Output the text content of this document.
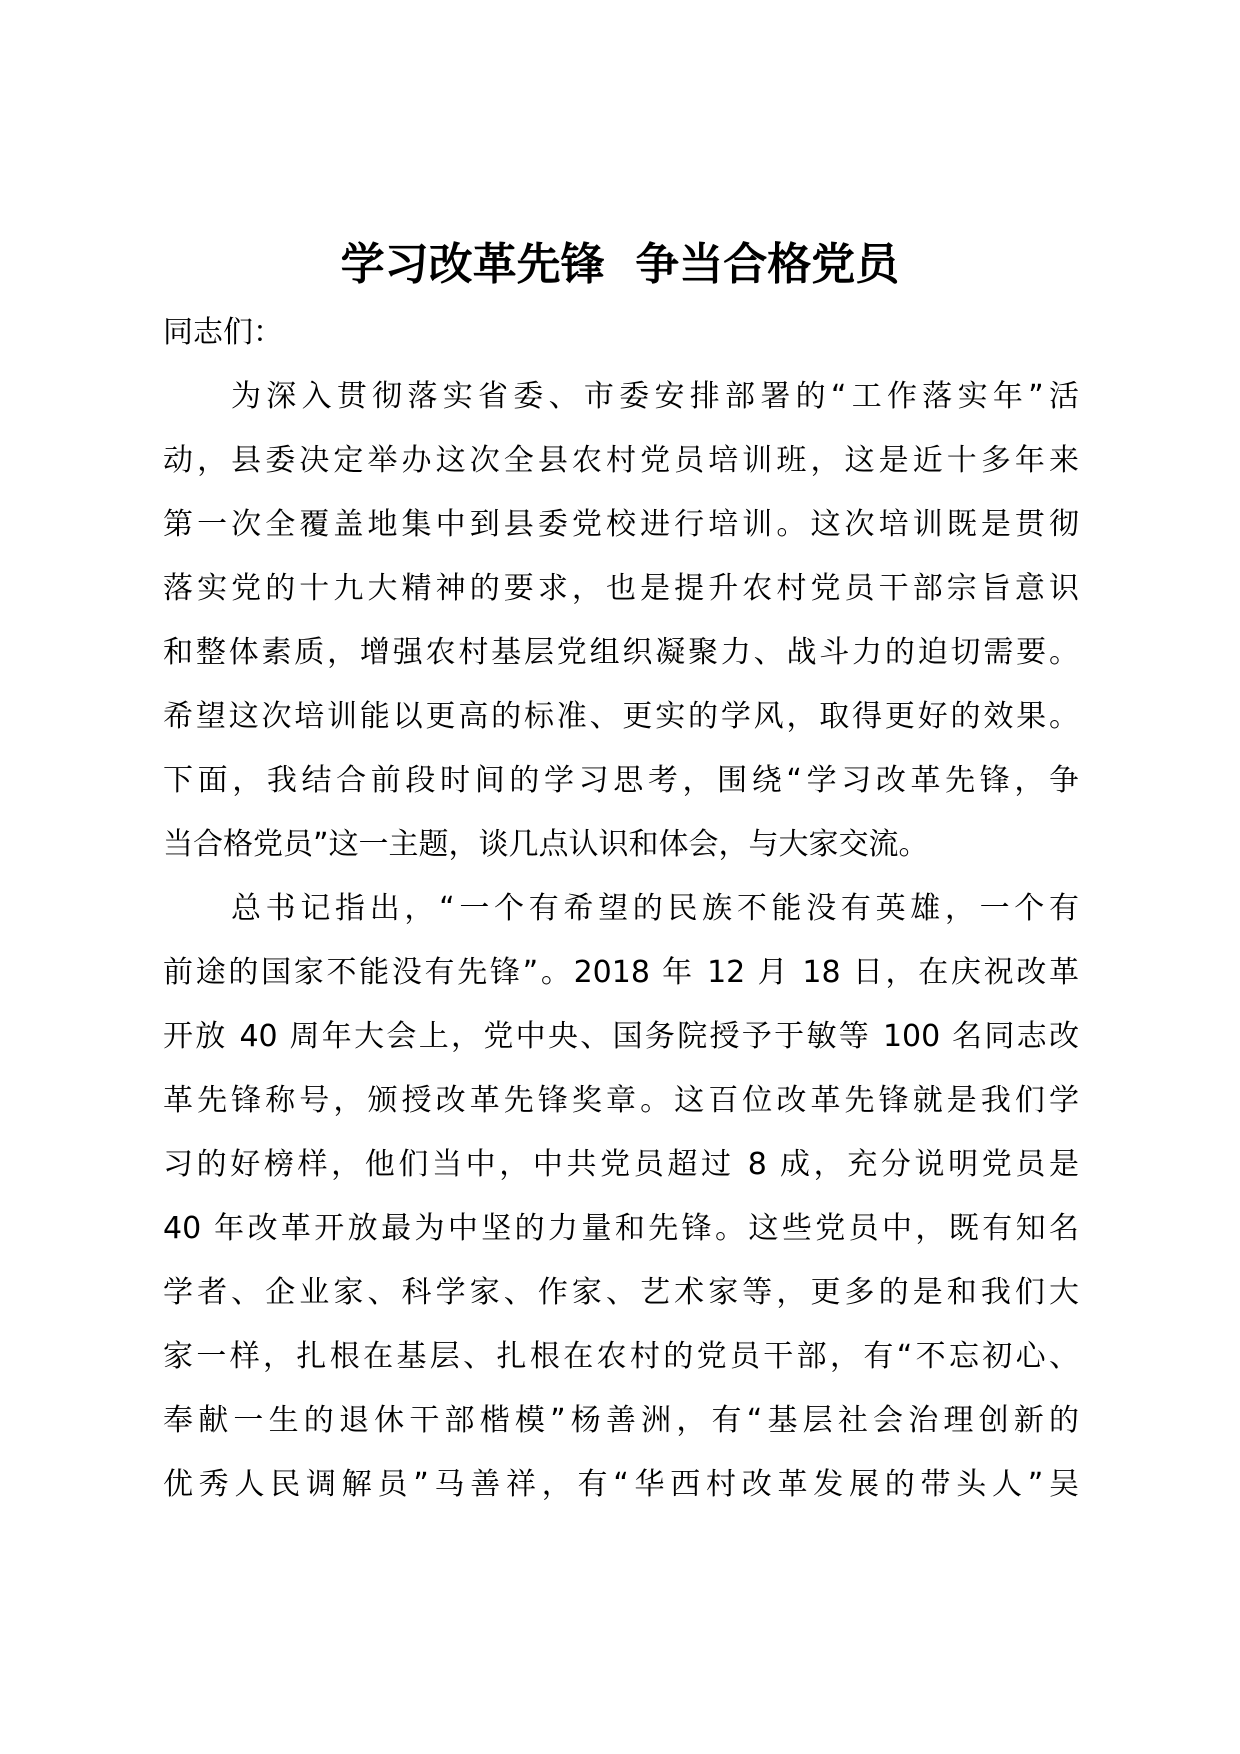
学习改革先锋  争当合格党员
同志们：
为深入贯彻落实省委、市委安排部署的“工作落实年”活
动，县委决定举办这次全县农村党员培训班，这是近十多年来
第一次全覆盖地集中到县委党校进行培训。这次培训既是贯彻
落实党的十九大精神的要求，也是提升农村党员干部宗旨意识
和整体素质，增强农村基层党组织凝聚力、战斗力的迫切需要。
希望这次培训能以更高的标准、更实的学风，取得更好的效果。
下面，我结合前段时间的学习思考，围绕“学习改革先锋，争
当合格党员”这一主题，谈几点认识和体会，与大家交流。
总书记指出，“一个有希望的民族不能没有英雄，一个有
前途的国家不能没有先锋”。2018 年 12 月 18 日，在庆祝改革
开放 40 周年大会上，党中央、国务院授予于敏等 100 名同志改
革先锋称号，颁授改革先锋奖章。这百位改革先锋就是我们学
习的好榜样，他们当中，中共党员超过 8 成，充分说明党员是
40 年改革开放最为中坚的力量和先锋。这些党员中，既有知名
学者、企业家、科学家、作家、艺术家等，更多的是和我们大
家一样，扎根在基层、扎根在农村的党员干部，有“不忘初心、
奉献一生的退休干部楷模”杨善洲，有“基层社会治理创新的
优秀人民调解员”马善祥，有“华西村改革发展的带头人”吴
